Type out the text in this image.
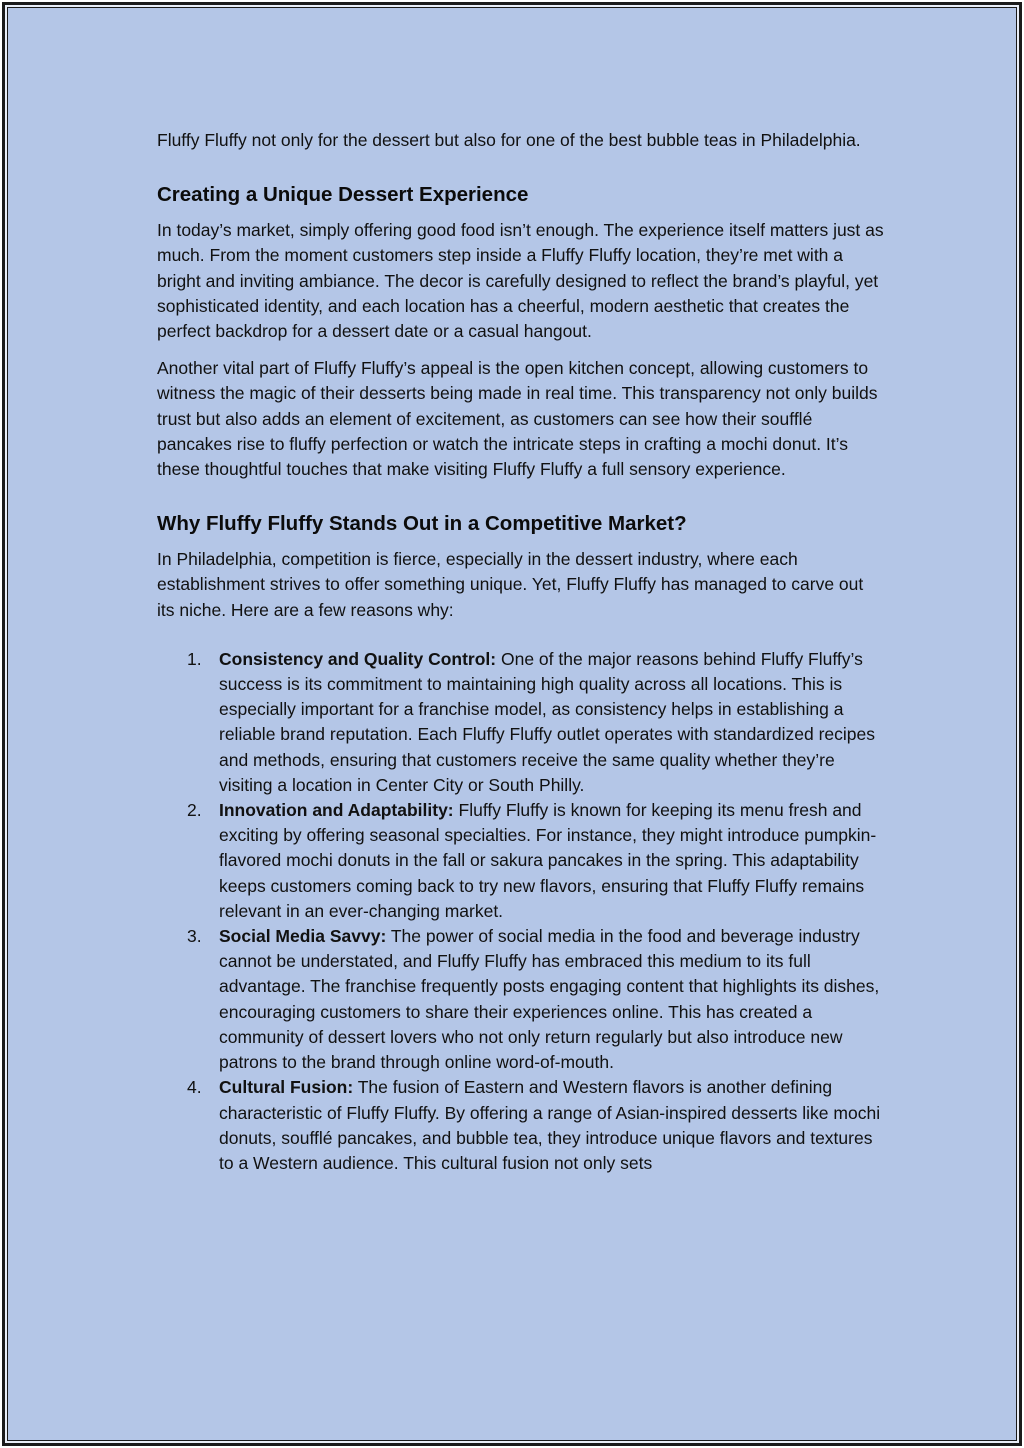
Fluffy Fluffy not only for the dessert but also for one of the best bubble teas in Philadelphia.

Creating a Unique Dessert Experience

In today’s market, simply offering good food isn’t enough. The experience itself matters just as much. From the moment customers step inside a Fluffy Fluffy location, they’re met with a bright and inviting ambiance. The decor is carefully designed to reflect the brand’s playful, yet sophisticated identity, and each location has a cheerful, modern aesthetic that creates the perfect backdrop for a dessert date or a casual hangout.

Another vital part of Fluffy Fluffy’s appeal is the open kitchen concept, allowing customers to witness the magic of their desserts being made in real time. This transparency not only builds trust but also adds an element of excitement, as customers can see how their soufflé pancakes rise to fluffy perfection or watch the intricate steps in crafting a mochi donut. It’s these thoughtful touches that make visiting Fluffy Fluffy a full sensory experience.

Why Fluffy Fluffy Stands Out in a Competitive Market?

In Philadelphia, competition is fierce, especially in the dessert industry, where each establishment strives to offer something unique. Yet, Fluffy Fluffy has managed to carve out its niche. Here are a few reasons why:

1. Consistency and Quality Control: One of the major reasons behind Fluffy Fluffy’s success is its commitment to maintaining high quality across all locations. This is especially important for a franchise model, as consistency helps in establishing a reliable brand reputation. Each Fluffy Fluffy outlet operates with standardized recipes and methods, ensuring that customers receive the same quality whether they’re visiting a location in Center City or South Philly.
2. Innovation and Adaptability: Fluffy Fluffy is known for keeping its menu fresh and exciting by offering seasonal specialties. For instance, they might introduce pumpkin-flavored mochi donuts in the fall or sakura pancakes in the spring. This adaptability keeps customers coming back to try new flavors, ensuring that Fluffy Fluffy remains relevant in an ever-changing market.
3. Social Media Savvy: The power of social media in the food and beverage industry cannot be understated, and Fluffy Fluffy has embraced this medium to its full advantage. The franchise frequently posts engaging content that highlights its dishes, encouraging customers to share their experiences online. This has created a community of dessert lovers who not only return regularly but also introduce new patrons to the brand through online word-of-mouth.
4. Cultural Fusion: The fusion of Eastern and Western flavors is another defining characteristic of Fluffy Fluffy. By offering a range of Asian-inspired desserts like mochi donuts, soufflé pancakes, and bubble tea, they introduce unique flavors and textures to a Western audience. This cultural fusion not only sets
